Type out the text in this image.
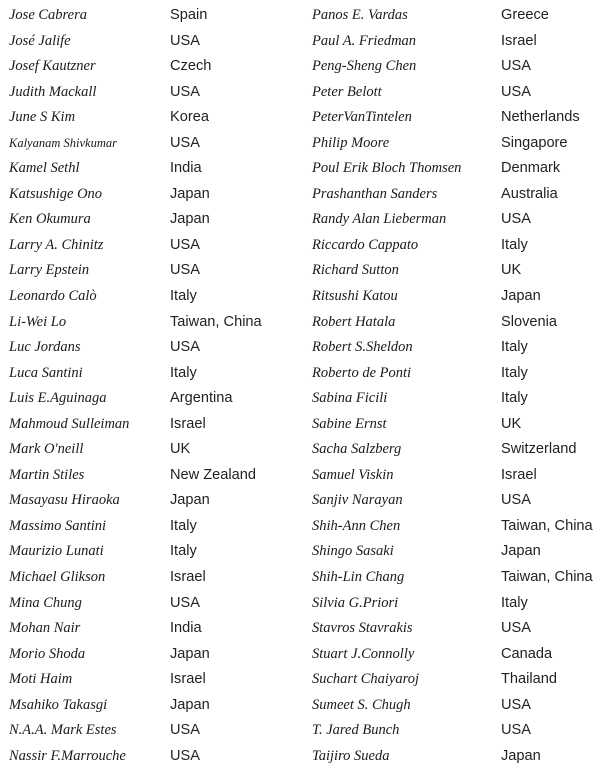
Jose Cabrera	Spain	Panos E. Vardas	Greece
José Jalife	USA	Paul A. Friedman	Israel
Josef Kautzner	Czech	Peng-Sheng Chen	USA
Judith Mackall	USA	Peter Belott	USA
June S Kim	Korea	PeterVanTintelen	Netherlands
Kalyanam Shivkumar	USA	Philip Moore	Singapore
Kamel Sethl	India	Poul Erik Bloch Thomsen	Denmark
Katsushige Ono	Japan	Prashanthan Sanders	Australia
Ken Okumura	Japan	Randy Alan Lieberman	USA
Larry A. Chinitz	USA	Riccardo Cappato	Italy
Larry Epstein	USA	Richard Sutton	UK
Leonardo Calò	Italy	Ritsushi Katou	Japan
Li-Wei Lo	Taiwan, China	Robert Hatala	Slovenia
Luc Jordans	USA	Robert S.Sheldon	Italy
Luca Santini	Italy	Roberto de Ponti	Italy
Luis E.Aguinaga	Argentina	Sabina Ficili	Italy
Mahmoud Sulleiman	Israel	Sabine Ernst	UK
Mark O'neill	UK	Sacha Salzberg	Switzerland
Martin Stiles	New Zealand	Samuel Viskin	Israel
Masayasu Hiraoka	Japan	Sanjiv Narayan	USA
Massimo Santini	Italy	Shih-Ann Chen	Taiwan, China
Maurizio Lunati	Italy	Shingo Sasaki	Japan
Michael Glikson	Israel	Shih-Lin Chang	Taiwan, China
Mina Chung	USA	Silvia G.Priori	Italy
Mohan Nair	India	Stavros Stavrakis	USA
Morio Shoda	Japan	Stuart J.Connolly	Canada
Moti Haim	Israel	Suchart Chaiyaroj	Thailand
Msahiko Takasgi	Japan	Sumeet S. Chugh	USA
N.A.A. Mark Estes	USA	T. Jared Bunch	USA
Nassir F.Marrouche	USA	Taijiro Sueda	Japan
